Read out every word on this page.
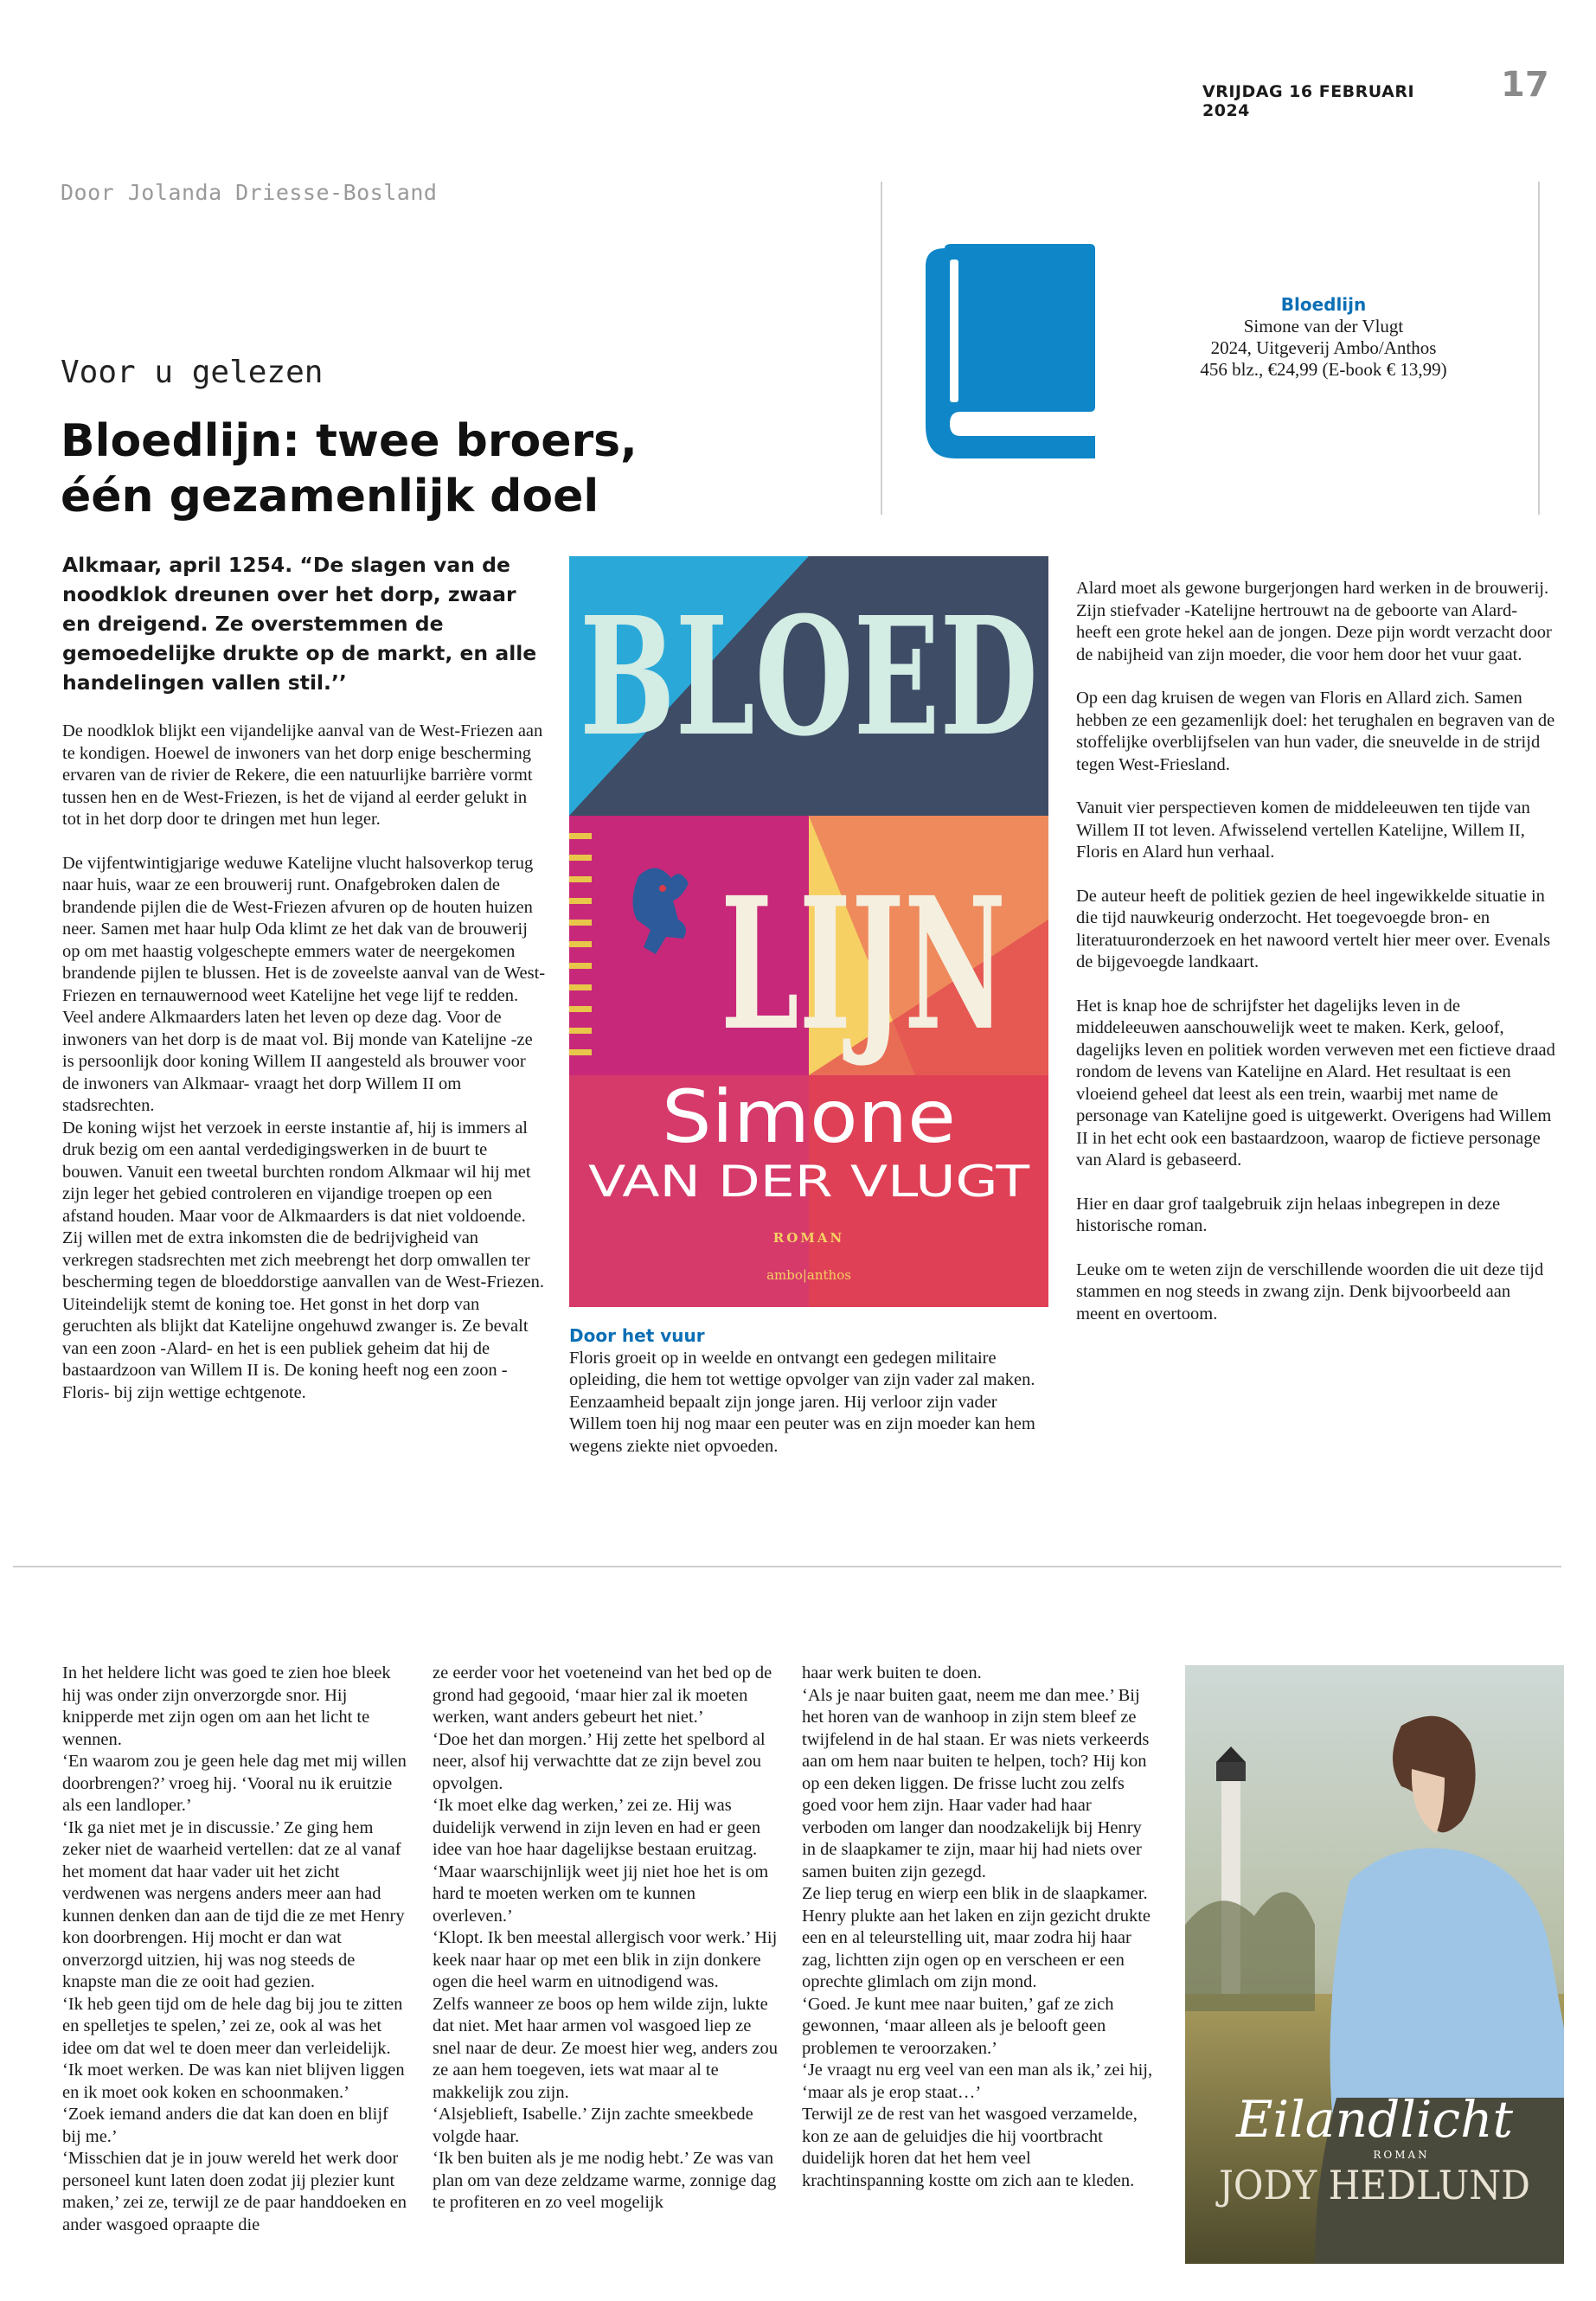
VRIJDAG 16 FEBRUARI 2024
17
Door Jolanda Driesse-Bosland
Bloedlijn
Simone van der Vlugt
2024, Uitgeverij Ambo/Anthos
456 blz., €24,99 (E-book € 13,99)
Voor u gelezen
Bloedlijn: twee broers,
één gezamenlijk doel
Alkmaar, april 1254. “De slagen van de noodklok dreunen over het dorp, zwaar en dreigend. Ze overstemmen de gemoedelijke drukte op de markt, en alle handelingen vallen stil.’’

De noodklok blijkt een vijandelijke aanval van de West-Friezen aan te kondigen. Hoewel de inwoners van het dorp enige bescherming ervaren van de rivier de Rekere, die een natuurlijke barrière vormt tussen hen en de West-Friezen, is het de vijand al eerder gelukt in tot in het dorp door te dringen met hun leger.

De vijfentwintigjarige weduwe Katelijne vlucht halsoverkop terug naar huis, waar ze een brouwerij runt. Onafgebroken dalen de brandende pijlen die de West-Friezen afvuren op de houten huizen neer. Samen met haar hulp Oda klimt ze het dak van de brouwerij op om met haastig volgeschepte emmers water de neergekomen brandende pijlen te blussen. Het is de zoveelste aanval van de West-Friezen en ternauwernood weet Katelijne het vege lijf te redden. Veel andere Alkmaarders laten het leven op deze dag. Voor de inwoners van het dorp is de maat vol. Bij monde van Katelijne -ze is persoonlijk door koning Willem II aangesteld als brouwer voor de inwoners van Alkmaar- vraagt het dorp Willem II om stadsrechten.

De koning wijst het verzoek in eerste instantie af, hij is immers al druk bezig om een aantal verdedigingswerken in de buurt te bouwen. Vanuit een tweetal burchten rondom Alkmaar wil hij met zijn leger het gebied controleren en vijandige troepen op een afstand houden. Maar voor de Alkmaarders is dat niet voldoende. Zij willen met de extra inkomsten die de bedrijvigheid van verkregen stadsrechten met zich meebrengt het dorp omwallen ter bescherming tegen de bloeddorstige aanvallen van de West-Friezen. Uiteindelijk stemt de koning toe. Het gonst in het dorp van geruchten als blijkt dat Katelijne ongehuwd zwanger is. Ze bevalt van een zoon -Alard- en het is een publiek geheim dat hij de bastaardzoon van Willem II is. De koning heeft nog een zoon -Floris- bij zijn wettige echtgenote.

BLOED
LIJN
Simone
VAN DER VLUGT
ROMAN
ambo|anthos
Door het vuur

Floris groeit op in weelde en ontvangt een gedegen militaire opleiding, die hem tot wettige opvolger van zijn vader zal maken. Eenzaamheid bepaalt zijn jonge jaren. Hij verloor zijn vader Willem toen hij nog maar een peuter was en zijn moeder kan hem wegens ziekte niet opvoeden.

Alard moet als gewone burgerjongen hard werken in de brouwerij. Zijn stiefvader -Katelijne hertrouwt na de geboorte van Alard- heeft een grote hekel aan de jongen. Deze pijn wordt verzacht door de nabijheid van zijn moeder, die voor hem door het vuur gaat.

Op een dag kruisen de wegen van Floris en Allard zich. Samen hebben ze een gezamenlijk doel: het terughalen en begraven van de stoffelijke overblijfselen van hun vader, die sneuvelde in de strijd tegen West-Friesland.

Vanuit vier perspectieven komen de middeleeuwen ten tijde van Willem II tot leven. Afwisselend vertellen Katelijne, Willem II, Floris en Alard hun verhaal.

De auteur heeft de politiek gezien de heel ingewikkelde situatie in die tijd nauwkeurig onderzocht. Het toegevoegde bron- en literatuuronderzoek en het nawoord vertelt hier meer over. Evenals de bijgevoegde landkaart.

Het is knap hoe de schrijfster het dagelijks leven in de middeleeuwen aanschouwelijk weet te maken. Kerk, geloof, dagelijks leven en politiek worden verweven met een fictieve draad rondom de levens van Katelijne en Alard. Het resultaat is een vloeiend geheel dat leest als een trein, waarbij met name de personage van Katelijne goed is uitgewerkt. Overigens had Willem II in het echt ook een bastaardzoon, waarop de fictieve personage van Alard is gebaseerd.

Hier en daar grof taalgebruik zijn helaas inbegrepen in deze historische roman.

Leuke om te weten zijn de verschillende woorden die uit deze tijd stammen en nog steeds in zwang zijn. Denk bijvoorbeeld aan meent en overtoom.

In het heldere licht was goed te zien hoe bleek hij was onder zijn onverzorgde snor. Hij knipperde met zijn ogen om aan het licht te wennen.
‘En waarom zou je geen hele dag met mij willen doorbrengen?’ vroeg hij. ‘Vooral nu ik eruitzie als een landloper.’
‘Ik ga niet met je in discussie.’ Ze ging hem zeker niet de waarheid vertellen: dat ze al vanaf het moment dat haar vader uit het zicht verdwenen was nergens anders meer aan had kunnen denken dan aan de tijd die ze met Henry kon doorbrengen. Hij mocht er dan wat onverzorgd uitzien, hij was nog steeds de knapste man die ze ooit had gezien.
‘Ik heb geen tijd om de hele dag bij jou te zitten en spelletjes te spelen,’ zei ze, ook al was het idee om dat wel te doen meer dan verleidelijk. ‘Ik moet werken. De was kan niet blijven liggen en ik moet ook koken en schoonmaken.’
‘Zoek iemand anders die dat kan doen en blijf bij me.’
‘Misschien dat je in jouw wereld het werk door personeel kunt laten doen zodat jij plezier kunt maken,’ zei ze, terwijl ze de paar handdoeken en ander wasgoed opraapte die
ze eerder voor het voeteneind van het bed op de grond had gegooid, ‘maar hier zal ik moeten werken, want anders gebeurt het niet.’
‘Doe het dan morgen.’ Hij zette het spelbord al neer, alsof hij verwachtte dat ze zijn bevel zou opvolgen.
‘Ik moet elke dag werken,’ zei ze. Hij was duidelijk verwend in zijn leven en had er geen idee van hoe haar dagelijkse bestaan eruitzag. ‘Maar waarschijnlijk weet jij niet hoe het is om hard te moeten werken om te kunnen overleven.’
‘Klopt. Ik ben meestal allergisch voor werk.’ Hij keek naar haar op met een blik in zijn donkere ogen die heel warm en uitnodigend was.
Zelfs wanneer ze boos op hem wilde zijn, lukte dat niet. Met haar armen vol wasgoed liep ze snel naar de deur. Ze moest hier weg, anders zou ze aan hem toegeven, iets wat maar al te makkelijk zou zijn.
‘Alsjeblieft, Isabelle.’ Zijn zachte smeekbede volgde haar.
‘Ik ben buiten als je me nodig hebt.’ Ze was van plan om van deze zeldzame warme, zonnige dag te profiteren en zo veel mogelijk
haar werk buiten te doen.
‘Als je naar buiten gaat, neem me dan mee.’ Bij het horen van de wanhoop in zijn stem bleef ze twijfelend in de hal staan. Er was niets verkeerds aan om hem naar buiten te helpen, toch? Hij kon op een deken liggen. De frisse lucht zou zelfs goed voor hem zijn. Haar vader had haar verboden om langer dan noodzakelijk bij Henry in de slaapkamer te zijn, maar hij had niets over samen buiten zijn gezegd.
Ze liep terug en wierp een blik in de slaapkamer. Henry plukte aan het laken en zijn gezicht drukte een en al teleurstelling uit, maar zodra hij haar zag, lichtten zijn ogen op en verscheen er een oprechte glimlach om zijn mond.
‘Goed. Je kunt mee naar buiten,’ gaf ze zich gewonnen, ‘maar alleen als je belooft geen problemen te veroorzaken.’
‘Je vraagt nu erg veel van een man als ik,’ zei hij, ‘maar als je erop staat…’
Terwijl ze de rest van het wasgoed verzamelde, kon ze aan de geluidjes die hij voortbracht duidelijk horen dat het hem veel krachtinspanning kostte om zich aan te kleden.
Eilandlicht
ROMAN
JODY HEDLUND
